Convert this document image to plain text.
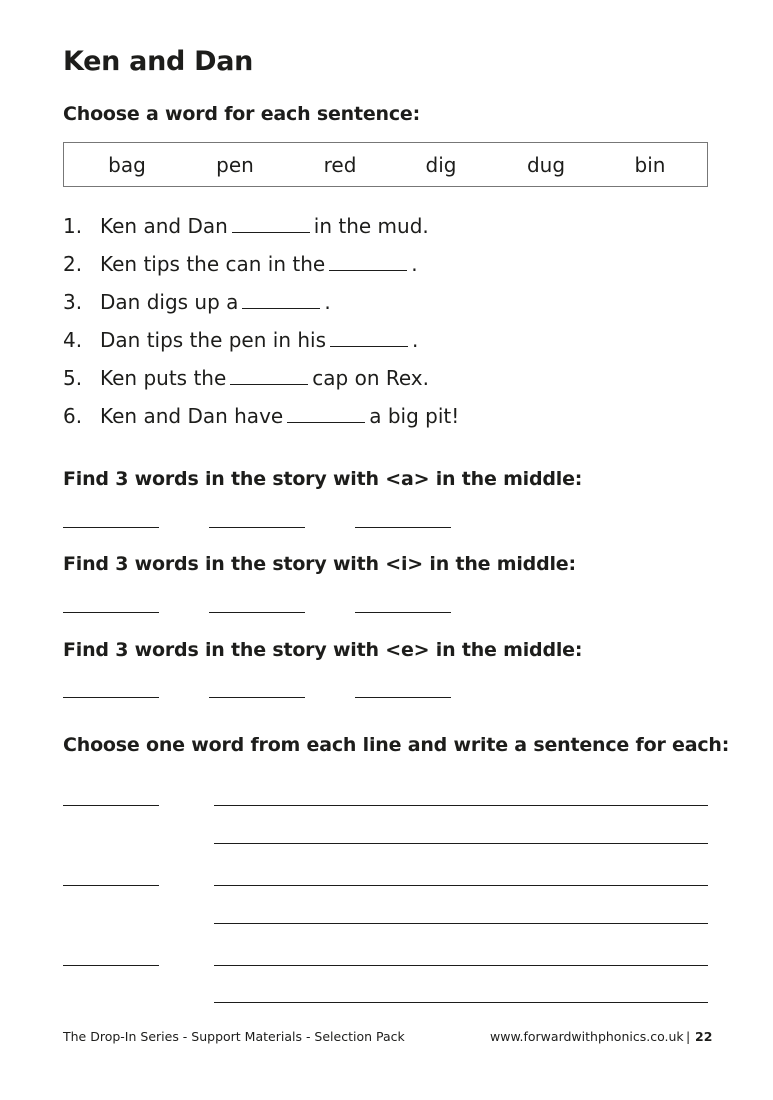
Ken and Dan
Choose a word for each sentence:
bag	pen	red	dig	dug	bin
1. Ken and Dan	in the mud.
2. Ken tips the can in the	.
3. Dan digs up a	.
4. Dan tips the pen in his	.
5. Ken puts the	cap on Rex.
6. Ken and Dan have	a big pit!
Find 3 words in the story with <a> in the middle:
Find 3 words in the story with <i> in the middle:
Find 3 words in the story with <e> in the middle:
Choose one word from each line and write a sentence for each:
The Drop-In Series - Support Materials - Selection Pack	www.forwardwithphonics.co.uk | 22
